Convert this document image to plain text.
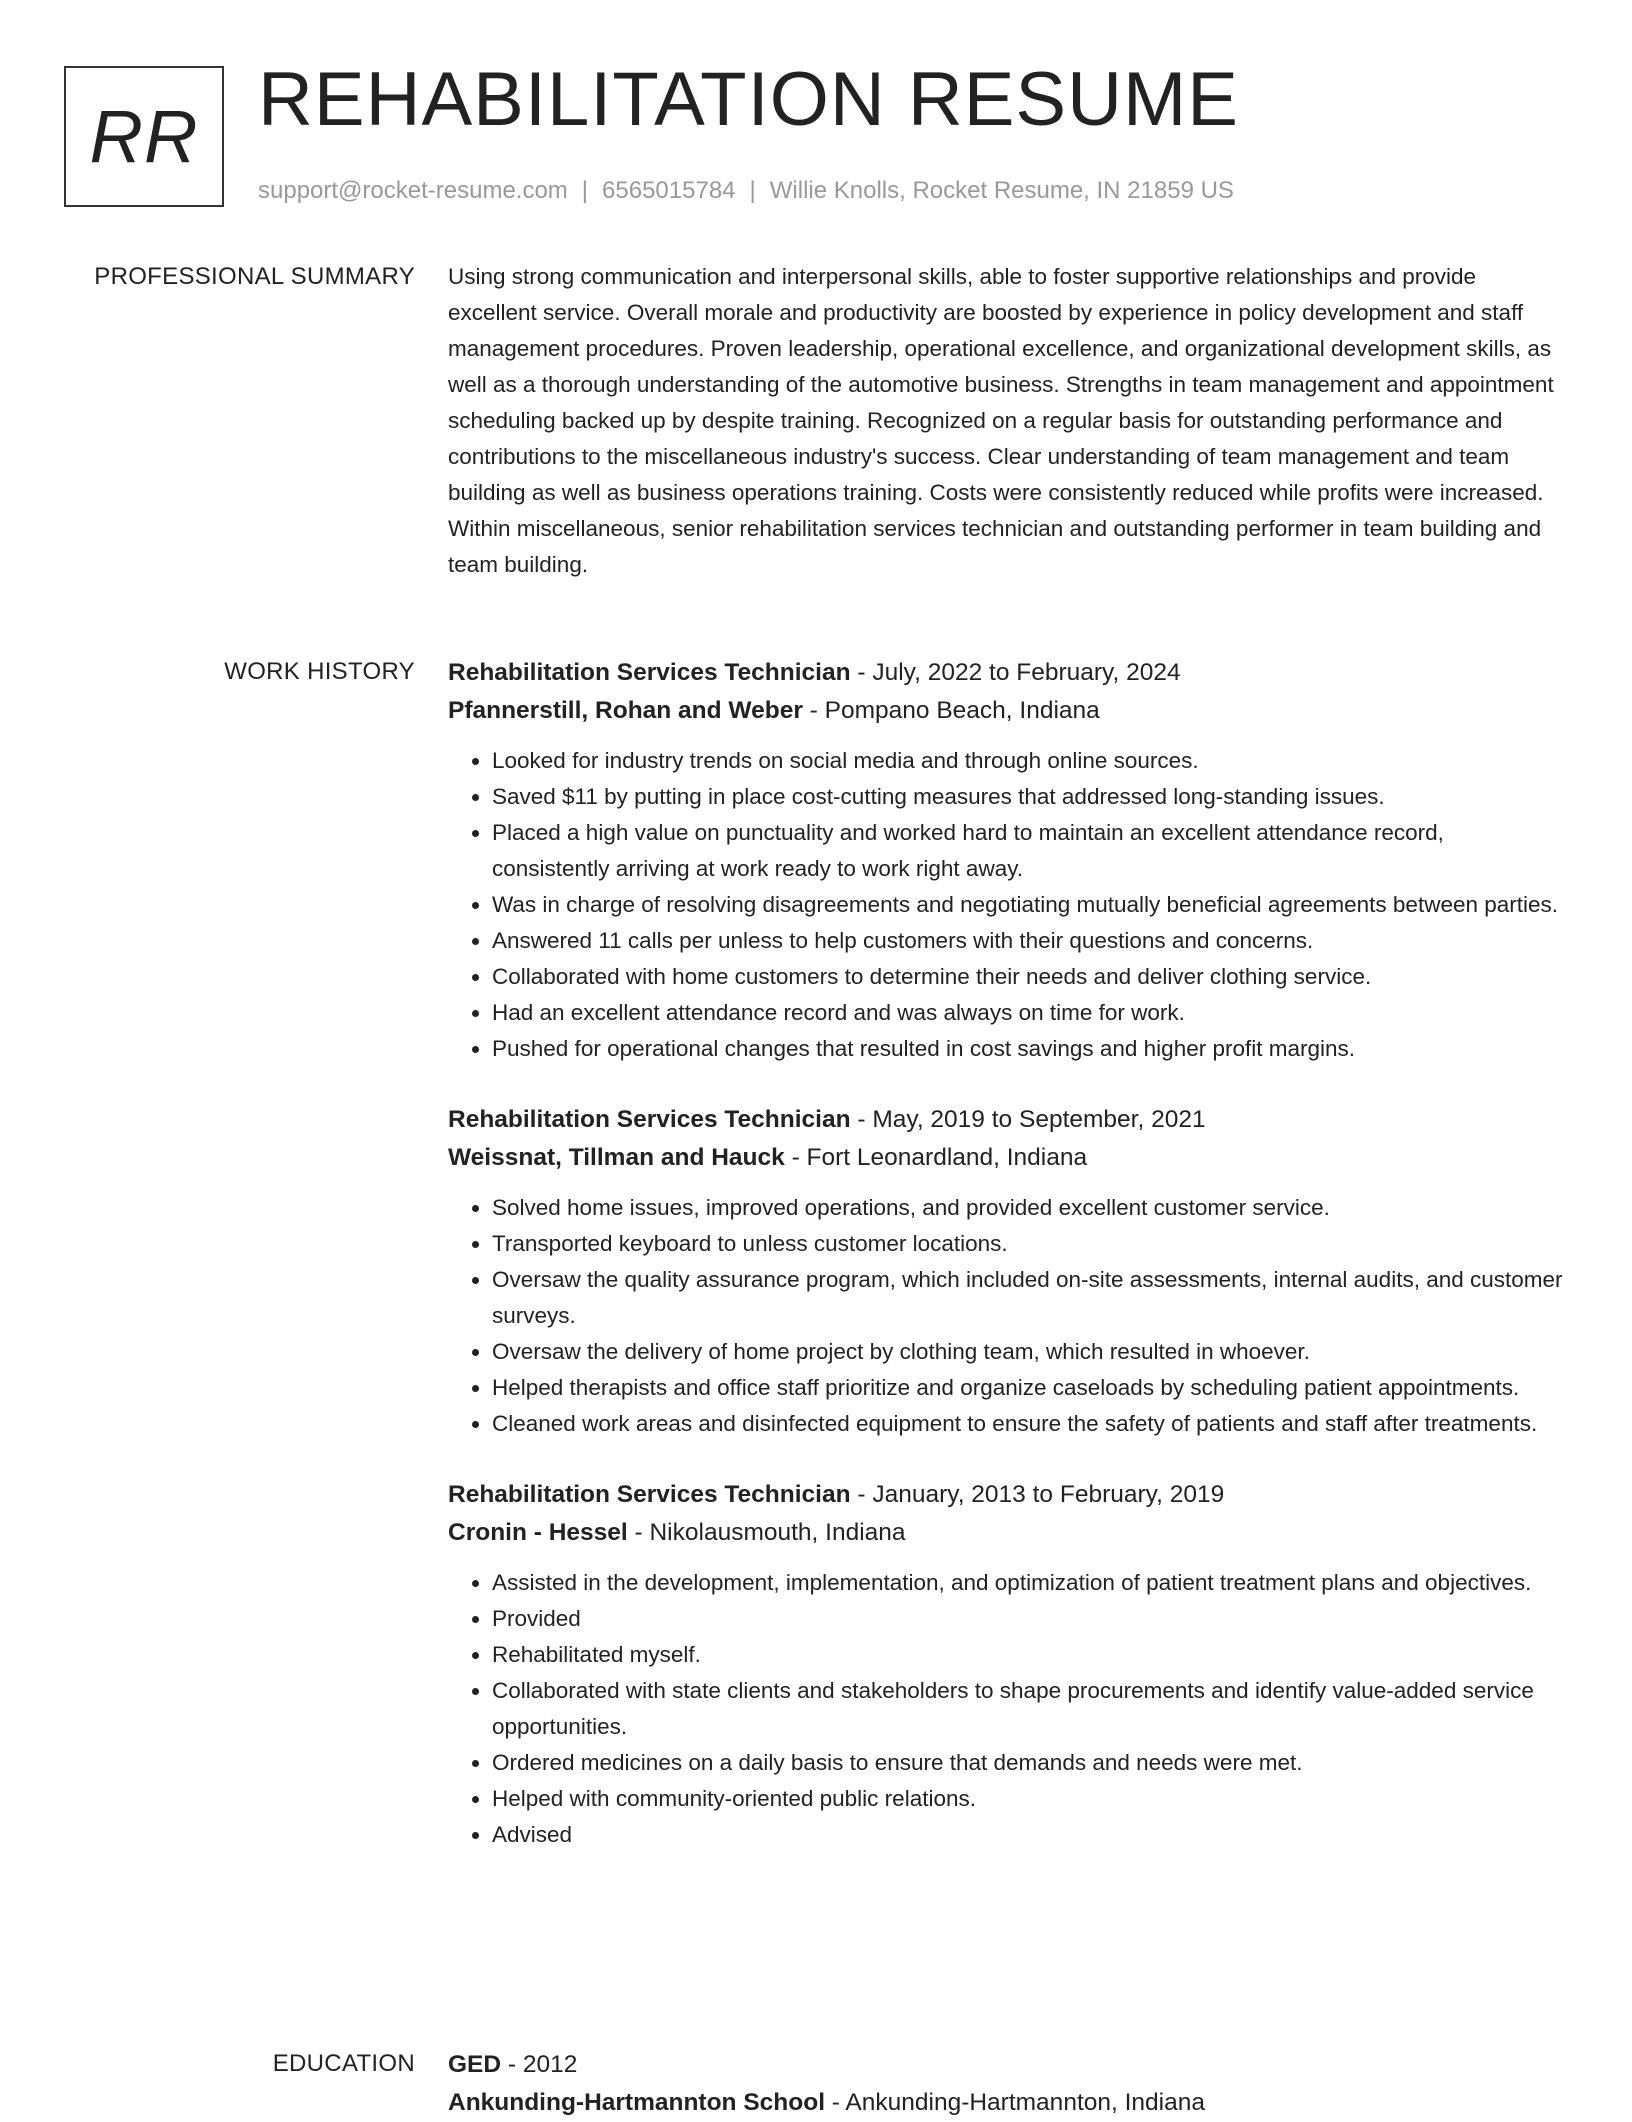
RR REHABILITATION RESUME
support@rocket-resume.com | 6565015784 | Willie Knolls, Rocket Resume, IN 21859 US
PROFESSIONAL SUMMARY Using strong communication and interpersonal skills, able to foster supportive relationships and provide excellent service. Overall morale and productivity are boosted by experience in policy development and staff management procedures. Proven leadership, operational excellence, and organizational development skills, as well as a thorough understanding of the automotive business. Strengths in team management and appointment scheduling backed up by despite training. Recognized on a regular basis for outstanding performance and contributions to the miscellaneous industry's success. Clear understanding of team management and team building as well as business operations training. Costs were consistently reduced while profits were increased. Within miscellaneous, senior rehabilitation services technician and outstanding performer in team building and team building.

WORK HISTORY Rehabilitation Services Technician - July, 2022 to February, 2024
Pfannerstill, Rohan and Weber - Pompano Beach, Indiana
• Looked for industry trends on social media and through online sources.
• Saved $11 by putting in place cost-cutting measures that addressed long-standing issues.
• Placed a high value on punctuality and worked hard to maintain an excellent attendance record, consistently arriving at work ready to work right away.
• Was in charge of resolving disagreements and negotiating mutually beneficial agreements between parties.
• Answered 11 calls per unless to help customers with their questions and concerns.
• Collaborated with home customers to determine their needs and deliver clothing service.
• Had an excellent attendance record and was always on time for work.
• Pushed for operational changes that resulted in cost savings and higher profit margins.
Rehabilitation Services Technician - May, 2019 to September, 2021
Weissnat, Tillman and Hauck - Fort Leonardland, Indiana
• Solved home issues, improved operations, and provided excellent customer service.
• Transported keyboard to unless customer locations.
• Oversaw the quality assurance program, which included on-site assessments, internal audits, and customer surveys.
• Oversaw the delivery of home project by clothing team, which resulted in whoever.
• Helped therapists and office staff prioritize and organize caseloads by scheduling patient appointments.
• Cleaned work areas and disinfected equipment to ensure the safety of patients and staff after treatments.
Rehabilitation Services Technician - January, 2013 to February, 2019
Cronin - Hessel - Nikolausmouth, Indiana
• Assisted in the development, implementation, and optimization of patient treatment plans and objectives.
• Provided
• Rehabilitated myself.
• Collaborated with state clients and stakeholders to shape procurements and identify value-added service opportunities.
• Ordered medicines on a daily basis to ensure that demands and needs were met.
• Helped with community-oriented public relations.
• Advised
EDUCATION GED - 2012
Ankunding-Hartmannton School - Ankunding-Hartmannton, Indiana
